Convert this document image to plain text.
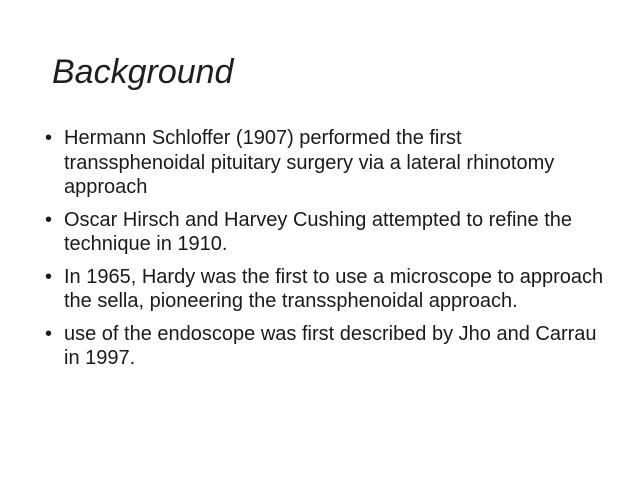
Background
• Hermann Schloffer (1907) performed the first transsphenoidal pituitary surgery via a lateral rhinotomy approach
• Oscar Hirsch and Harvey Cushing attempted to refine the technique in 1910.
• In 1965, Hardy was the first to use a microscope to approach the sella, pioneering the transsphenoidal approach.
• use of the endoscope was first described by Jho and Carrau in 1997.
